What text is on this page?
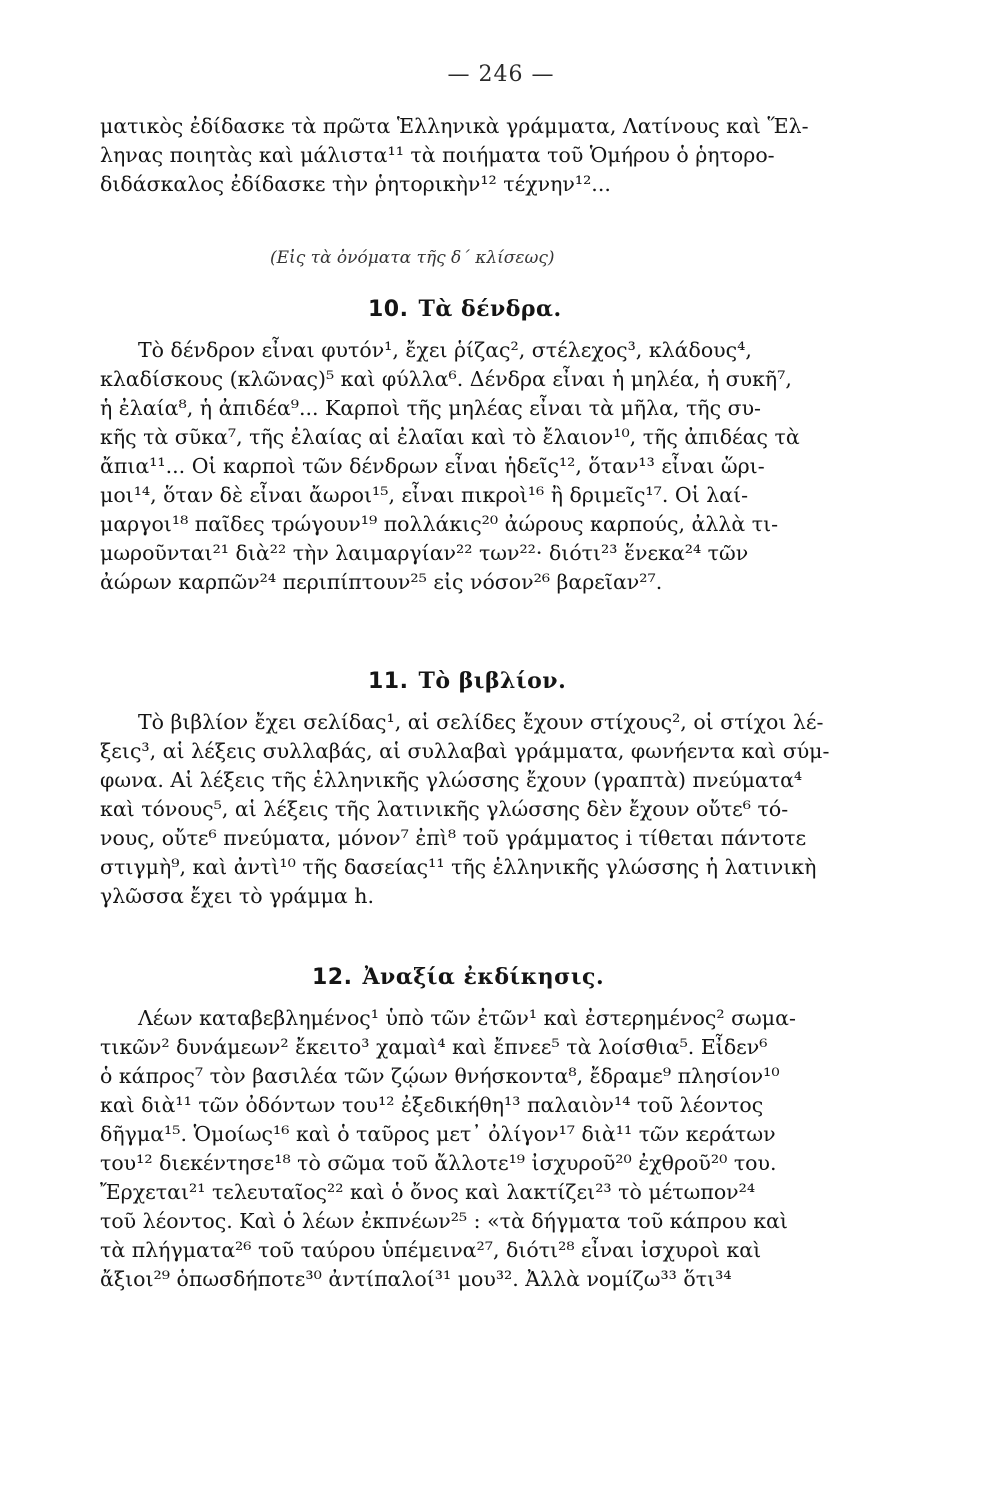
— 246 —
ματικὸς ἐδίδασκε τὰ πρῶτα Ἑλληνικὰ γράμματα, Λατίνους καὶ Ἕλ-
ληνας ποιητὰς καὶ μάλιστα¹¹ τὰ ποιήματα τοῦ Ὁμήρου ὁ ῥητορο-
διδάσκαλος ἐδίδασκε τὴν ῥητορικὴν¹² τέχνην¹²...
(Εἰς τὰ ὀνόματα τῆς δ΄ κλίσεως)
10. Τὰ δένδρα.
Τὸ δένδρον εἶναι φυτόν¹, ἔχει ῥίζας², στέλεχος³, κλάδους⁴,
κλαδίσκους (κλῶνας)⁵ καὶ φύλλα⁶. Δένδρα εἶναι ἡ μηλέα, ἡ συκῆ⁷,
ἡ ἐλαία⁸, ἡ ἀπιδέα⁹... Καρποὶ τῆς μηλέας εἶναι τὰ μῆλα, τῆς συ-
κῆς τὰ σῦκα⁷, τῆς ἐλαίας αἱ ἐλαῖαι καὶ τὸ ἔλαιον¹⁰, τῆς ἀπιδέας τὰ
ἄπια¹¹... Οἱ καρποὶ τῶν δένδρων εἶναι ἡδεῖς¹², ὅταν¹³ εἶναι ὥρι-
μοι¹⁴, ὅταν δὲ εἶναι ἄωροι¹⁵, εἶναι πικροὶ¹⁶ ἢ δριμεῖς¹⁷. Οἱ λαί-
μαργοι¹⁸ παῖδες τρώγουν¹⁹ πολλάκις²⁰ ἀώρους καρπούς, ἀλλὰ τι-
μωροῦνται²¹ διὰ²² τὴν λαιμαργίαν²² των²²· διότι²³ ἕνεκα²⁴ τῶν
ἀώρων καρπῶν²⁴ περιπίπτουν²⁵ εἰς νόσον²⁶ βαρεῖαν²⁷.
11. Τὸ βιβλίον.
Τὸ βιβλίον ἔχει σελίδας¹, αἱ σελίδες ἔχουν στίχους², οἱ στίχοι λέ-
ξεις³, αἱ λέξεις συλλαβάς, αἱ συλλαβαὶ γράμματα, φωνήεντα καὶ σύμ-
φωνα. Αἱ λέξεις τῆς ἑλληνικῆς γλώσσης ἔχουν (γραπτὰ) πνεύματα⁴
καὶ τόνους⁵, αἱ λέξεις τῆς λατινικῆς γλώσσης δὲν ἔχουν οὔτε⁶ τό-
νους, οὔτε⁶ πνεύματα, μόνον⁷ ἐπὶ⁸ τοῦ γράμματος i τίθεται πάντοτε
στιγμὴ⁹, καὶ ἀντὶ¹⁰ τῆς δασείας¹¹ τῆς ἑλληνικῆς γλώσσης ἡ λατινικὴ
γλῶσσα ἔχει τὸ γράμμα h.
12. Ἀναξία ἐκδίκησις.
Λέων καταβεβλημένος¹ ὑπὸ τῶν ἐτῶν¹ καὶ ἐστερημένος² σωμα-
τικῶν² δυνάμεων² ἔκειτο³ χαμαὶ⁴ καὶ ἔπνεε⁵ τὰ λοίσθια⁵. Εἶδεν⁶
ὁ κάπρος⁷ τὸν βασιλέα τῶν ζῴων θνήσκοντα⁸, ἔδραμε⁹ πλησίον¹⁰
καὶ διὰ¹¹ τῶν ὀδόντων του¹² ἐξεδικήθη¹³ παλαιὸν¹⁴ τοῦ λέοντος
δῆγμα¹⁵. Ὁμοίως¹⁶ καὶ ὁ ταῦρος μετ᾽ ὀλίγον¹⁷ διὰ¹¹ τῶν κεράτων
του¹² διεκέντησε¹⁸ τὸ σῶμα τοῦ ἄλλοτε¹⁹ ἰσχυροῦ²⁰ ἐχθροῦ²⁰ του.
Ἔρχεται²¹ τελευταῖος²² καὶ ὁ ὄνος καὶ λακτίζει²³ τὸ μέτωπον²⁴
τοῦ λέοντος. Καὶ ὁ λέων ἐκπνέων²⁵ : «τὰ δήγματα τοῦ κάπρου καὶ
τὰ πλήγματα²⁶ τοῦ ταύρου ὑπέμεινα²⁷, διότι²⁸ εἶναι ἰσχυροὶ καὶ
ἄξιοι²⁹ ὁπωσδήποτε³⁰ ἀντίπαλοί³¹ μου³². Ἀλλὰ νομίζω³³ ὅτι³⁴
